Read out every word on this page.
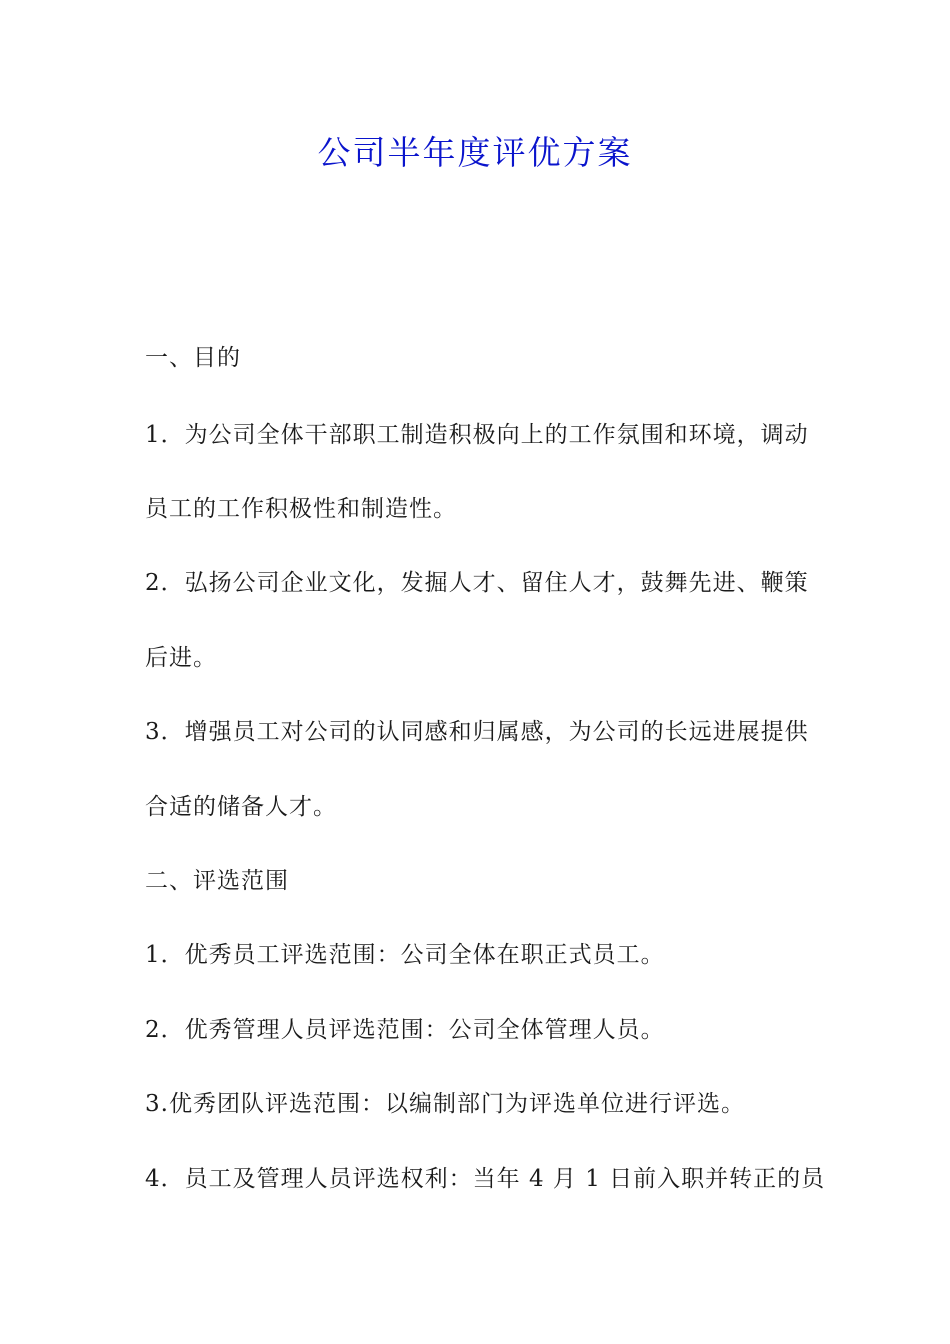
公司半年度评优方案

一、目的

1．为公司全体干部职工制造积极向上的工作氛围和环境，调动

员工的工作积极性和制造性。

2．弘扬公司企业文化，发掘人才、留住人才，鼓舞先进、鞭策

后进。

3．增强员工对公司的认同感和归属感，为公司的长远进展提供

合适的储备人才。

二、评选范围

1．优秀员工评选范围：公司全体在职正式员工。

2．优秀管理人员评选范围：公司全体管理人员。

3.优秀团队评选范围：以编制部门为评选单位进行评选。

4．员工及管理人员评选权利：当年 4 月 1 日前入职并转正的员
